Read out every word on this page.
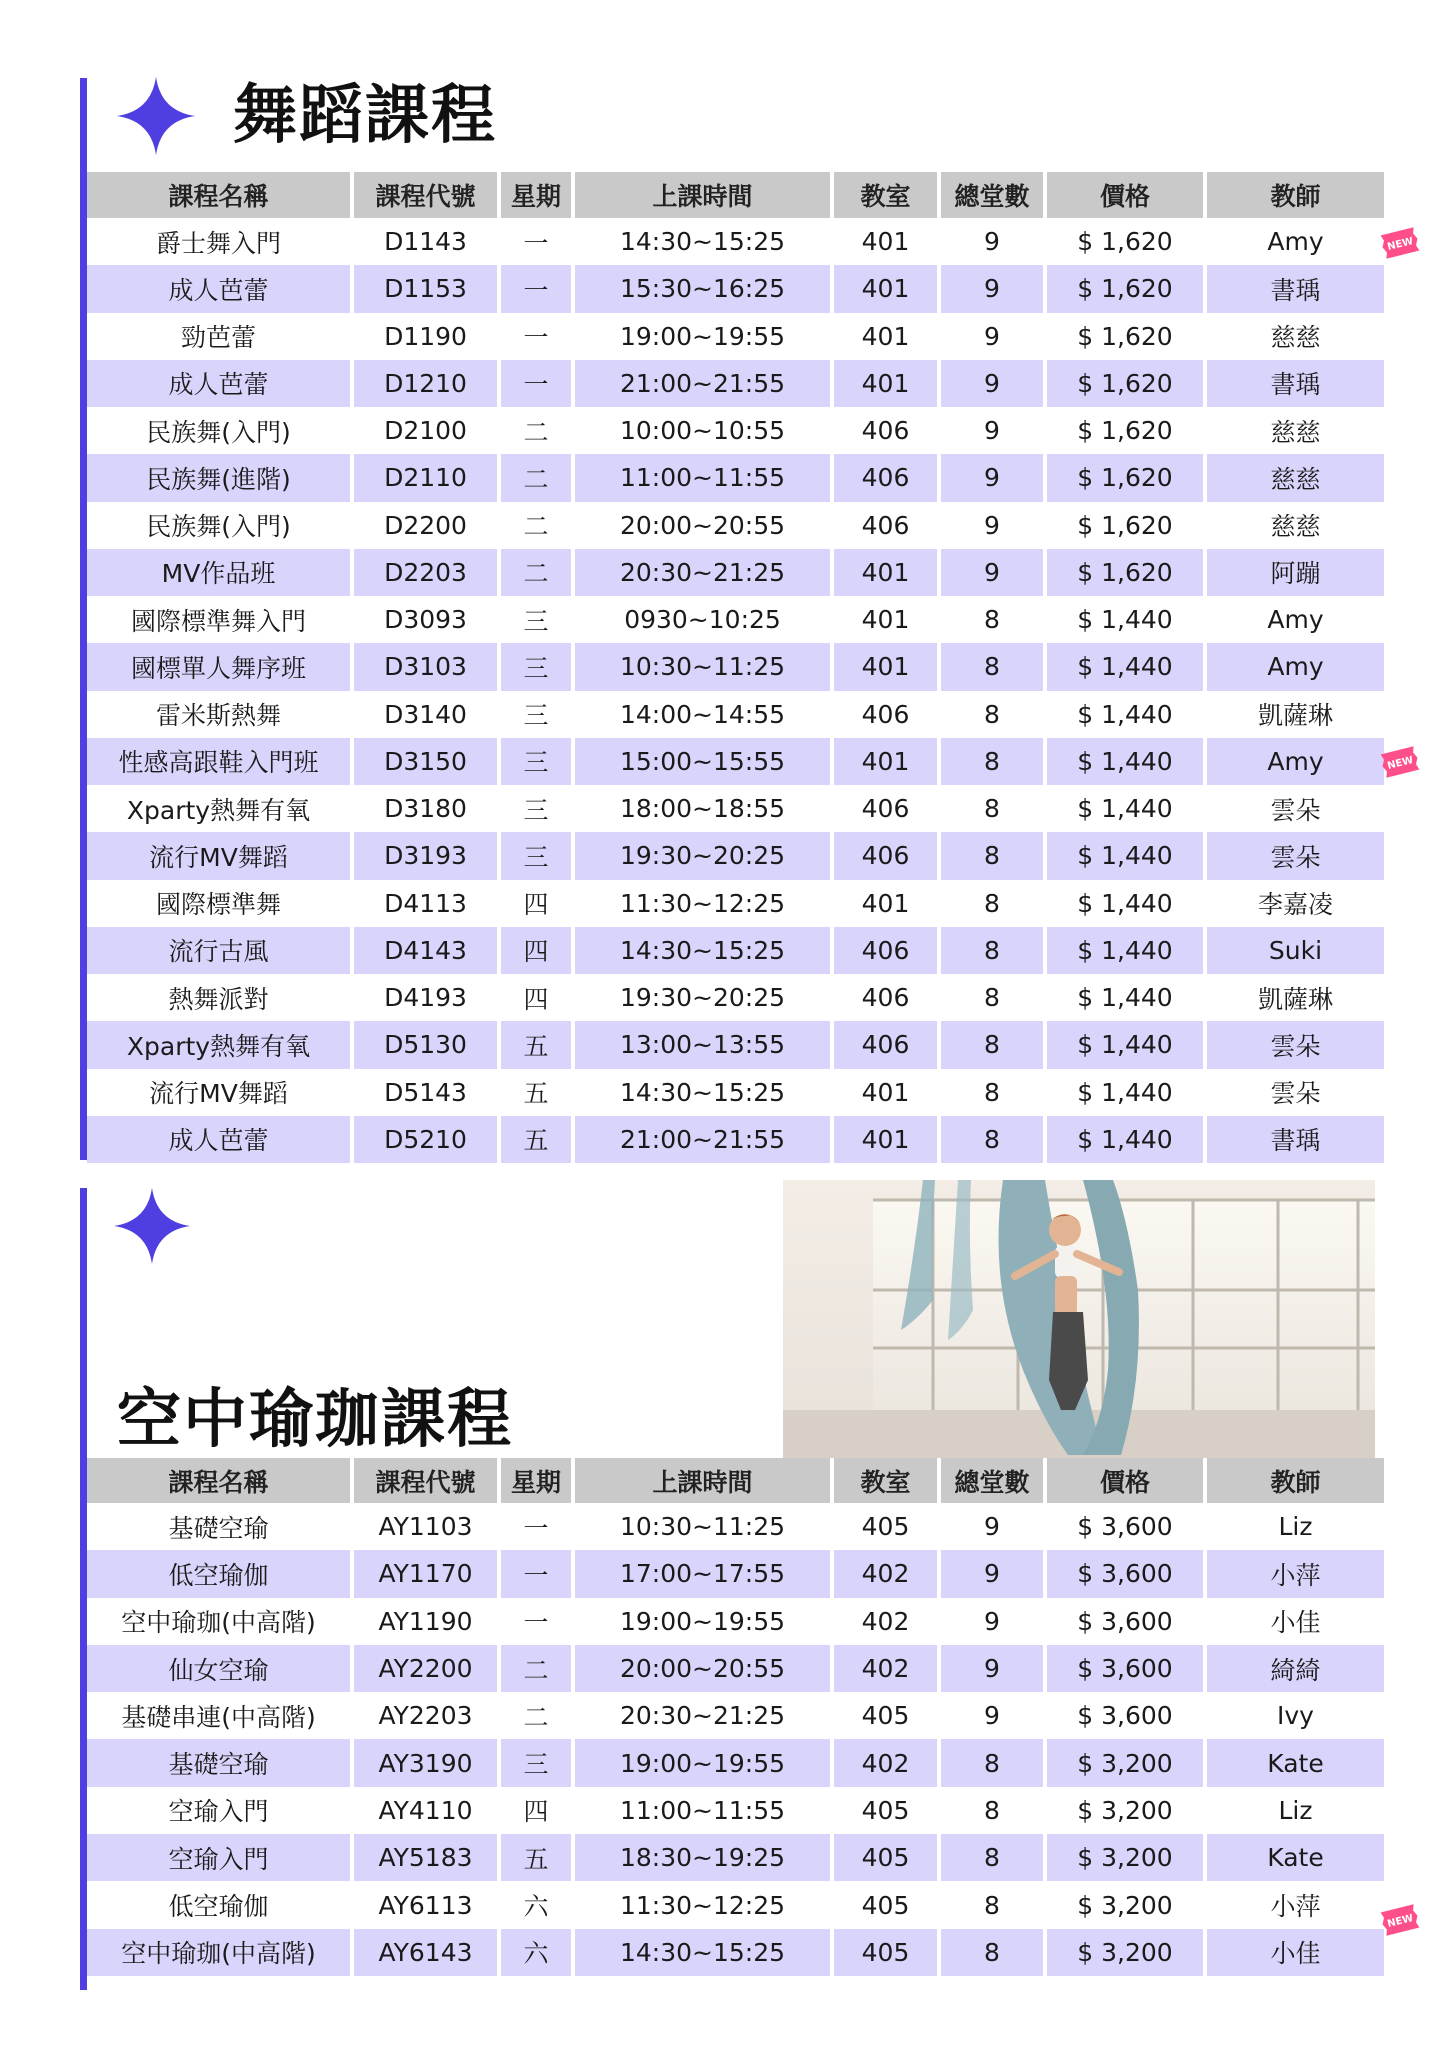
舞蹈課程
課程名稱	課程代號	星期	上課時間	教室	總堂數	價格	教師
爵士舞入門	D1143	一	14:30~15:25	401	9	$ 1,620	Amy
成人芭蕾	D1153	一	15:30~16:25	401	9	$ 1,620	書瑀
勁芭蕾	D1190	一	19:00~19:55	401	9	$ 1,620	慈慈
成人芭蕾	D1210	一	21:00~21:55	401	9	$ 1,620	書瑀
民族舞(入門)	D2100	二	10:00~10:55	406	9	$ 1,620	慈慈
民族舞(進階)	D2110	二	11:00~11:55	406	9	$ 1,620	慈慈
民族舞(入門)	D2200	二	20:00~20:55	406	9	$ 1,620	慈慈
MV作品班	D2203	二	20:30~21:25	401	9	$ 1,620	阿蹦
國際標準舞入門	D3093	三	0930~10:25	401	8	$ 1,440	Amy
國標單人舞序班	D3103	三	10:30~11:25	401	8	$ 1,440	Amy
雷米斯熱舞	D3140	三	14:00~14:55	406	8	$ 1,440	凱薩琳
性感高跟鞋入門班	D3150	三	15:00~15:55	401	8	$ 1,440	Amy
Xparty熱舞有氧	D3180	三	18:00~18:55	406	8	$ 1,440	雲朵
流行MV舞蹈	D3193	三	19:30~20:25	406	8	$ 1,440	雲朵
國際標準舞	D4113	四	11:30~12:25	401	8	$ 1,440	李嘉凌
流行古風	D4143	四	14:30~15:25	406	8	$ 1,440	Suki
熱舞派對	D4193	四	19:30~20:25	406	8	$ 1,440	凱薩琳
Xparty熱舞有氧	D5130	五	13:00~13:55	406	8	$ 1,440	雲朵
流行MV舞蹈	D5143	五	14:30~15:25	401	8	$ 1,440	雲朵
成人芭蕾	D5210	五	21:00~21:55	401	8	$ 1,440	書瑀
NEW
NEW
空中瑜珈課程
課程名稱	課程代號	星期	上課時間	教室	總堂數	價格	教師
基礎空瑜	AY1103	一	10:30~11:25	405	9	$ 3,600	Liz
低空瑜伽	AY1170	一	17:00~17:55	402	9	$ 3,600	小萍
空中瑜珈(中高階)	AY1190	一	19:00~19:55	402	9	$ 3,600	小佳
仙女空瑜	AY2200	二	20:00~20:55	402	9	$ 3,600	綺綺
基礎串連(中高階)	AY2203	二	20:30~21:25	405	9	$ 3,600	Ivy
基礎空瑜	AY3190	三	19:00~19:55	402	8	$ 3,200	Kate
空瑜入門	AY4110	四	11:00~11:55	405	8	$ 3,200	Liz
空瑜入門	AY5183	五	18:30~19:25	405	8	$ 3,200	Kate
低空瑜伽	AY6113	六	11:30~12:25	405	8	$ 3,200	小萍
空中瑜珈(中高階)	AY6143	六	14:30~15:25	405	8	$ 3,200	小佳
NEW
